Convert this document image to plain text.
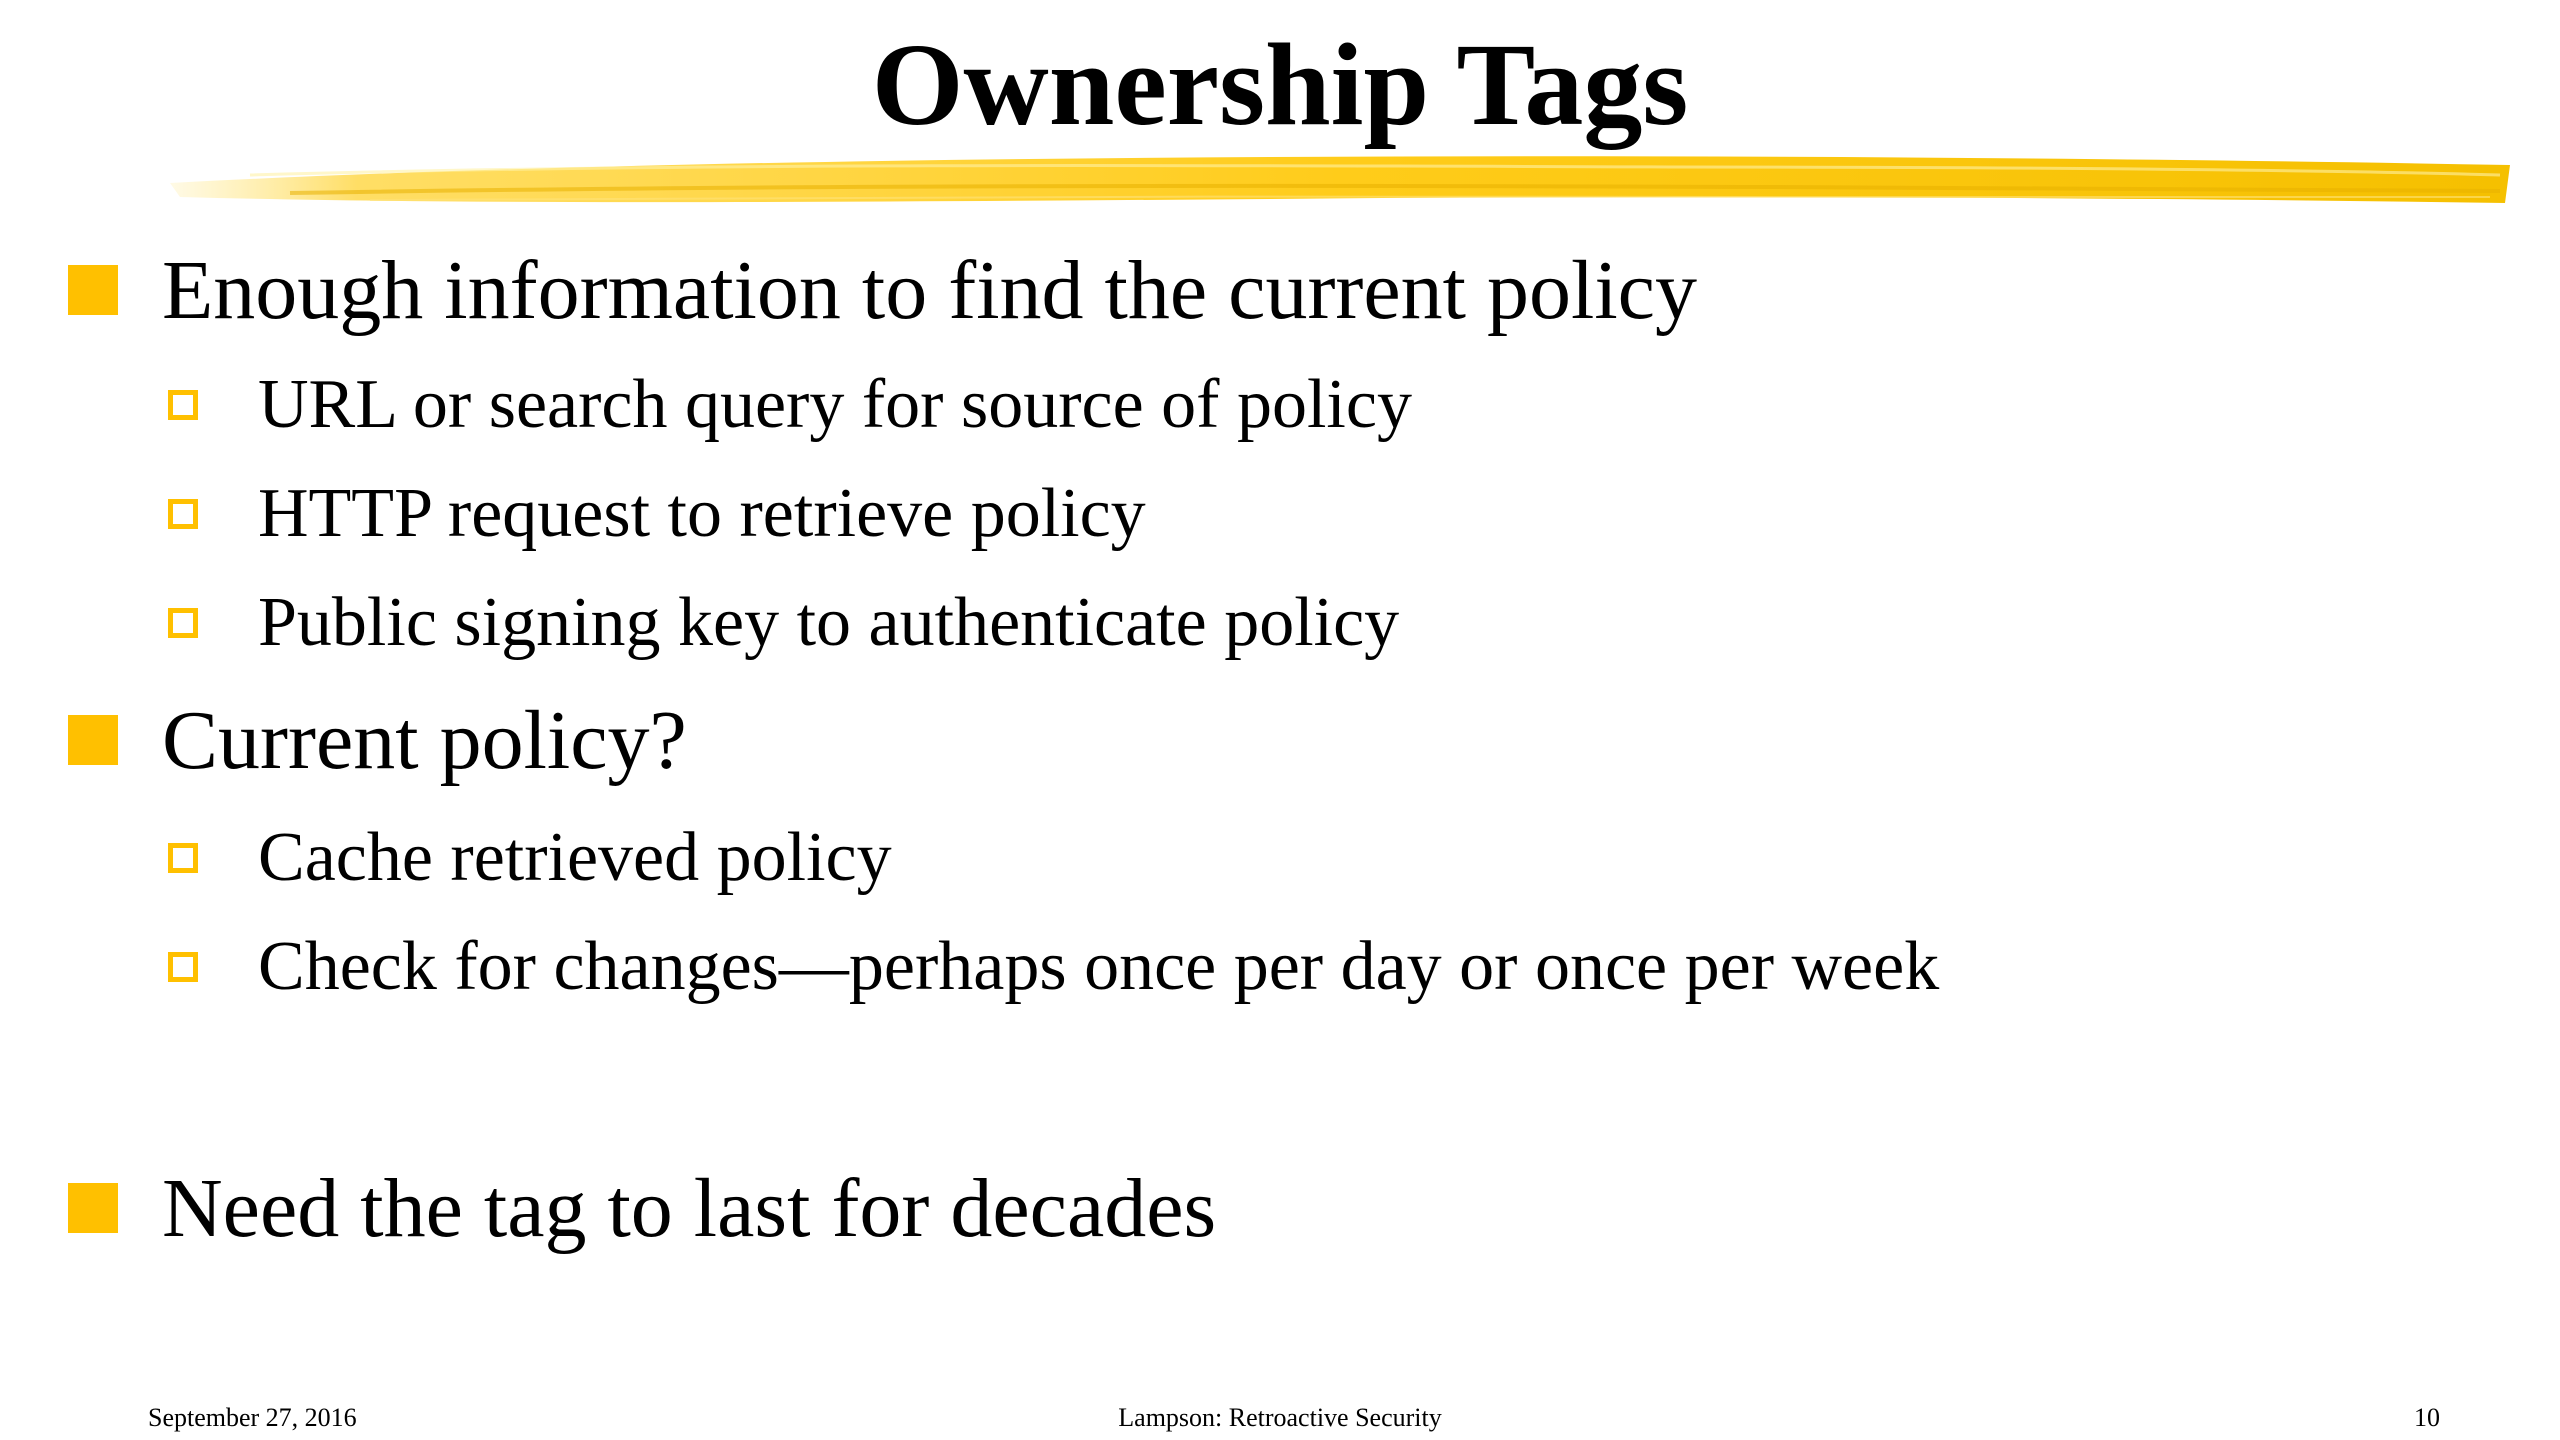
Ownership Tags
Enough information to find the current policy
URL or search query for source of policy
HTTP request to retrieve policy
Public signing key to authenticate policy
Current policy?
Cache retrieved policy
Check for changes—perhaps once per day or once per week
Need the tag to last for decades
September 27, 2016	Lampson: Retroactive Security	10
